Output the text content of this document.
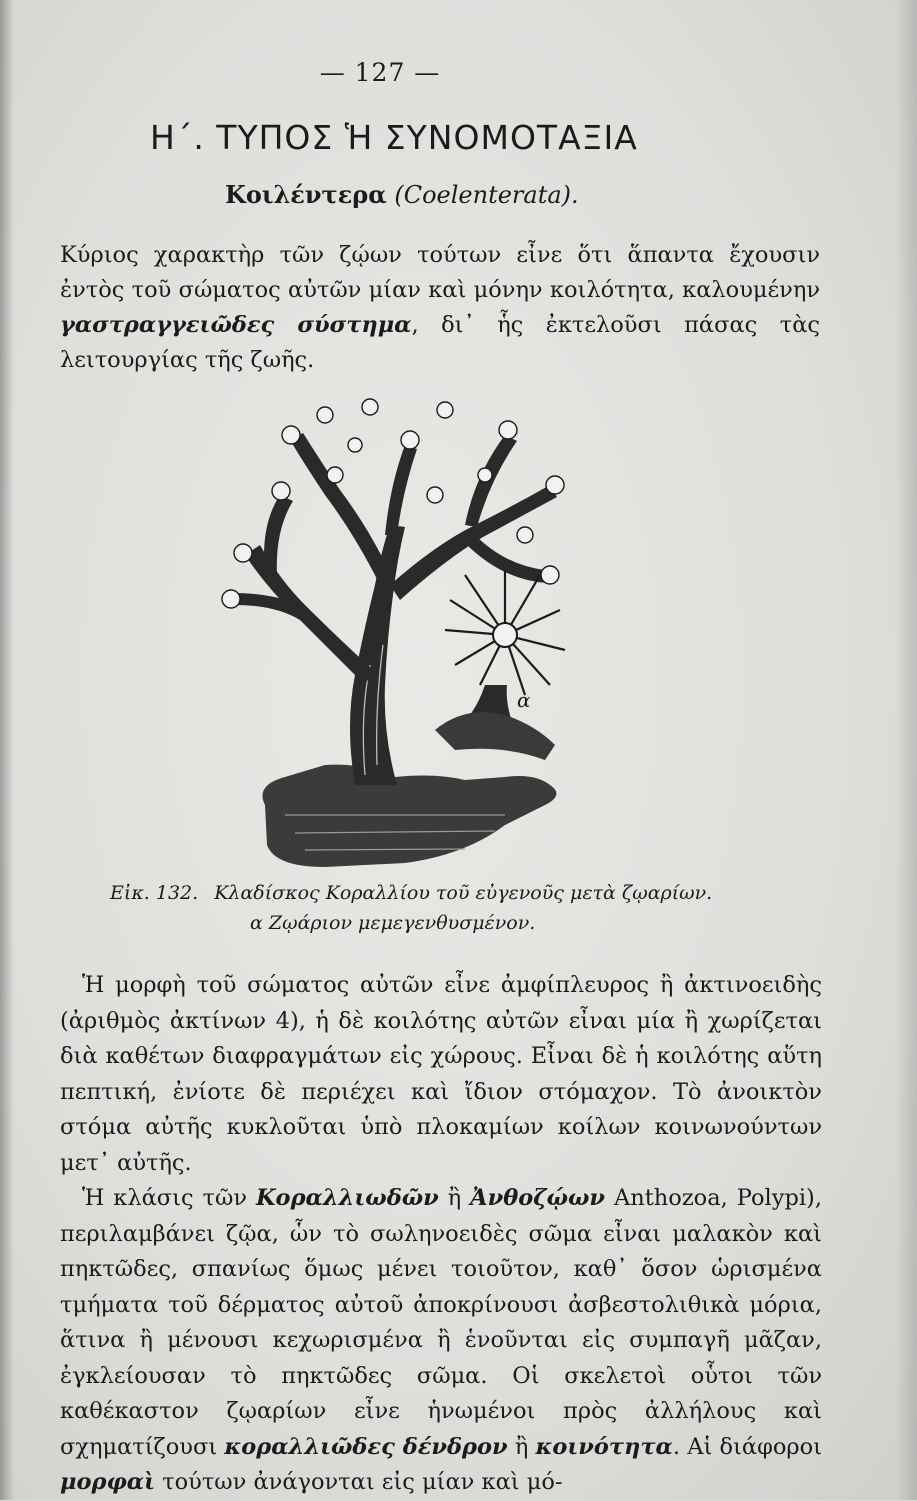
— 127 —
Η΄. ΤΥΠΟΣ Ἡ ΣΥΝΟΜΟΤΑΞΙΑ
Κοιλέντερα (Coelenterata).
Κύριος χαρακτὴρ τῶν ζῴων τούτων εἶνε ὅτι ἅπαντα ἔχουσιν ἐντὸς τοῦ σώματος αὐτῶν μίαν καὶ μόνην κοιλότητα, καλουμένην γαστραγγειῶδες σύστημα, δι᾽ ἧς ἐκτελοῦσι πάσας τὰς λειτουργίας τῆς ζωῆς.
α
Εἰκ. 132. Κλαδίσκος Κοραλλίου τοῦ εὐγενοῦς μετὰ ζῳαρίων.
α Ζῳάριον μεμεγενθυσμένον.

Ἡ μορφὴ τοῦ σώματος αὐτῶν εἶνε ἀμφίπλευρος ἢ ἀκτινοειδὴς (ἀριθμὸς ἀκτίνων 4), ἡ δὲ κοιλότης αὐτῶν εἶναι μία ἢ χωρίζεται διὰ καθέτων διαφραγμάτων εἰς χώρους. Εἶναι δὲ ἡ κοιλότης αὕτη πεπτική, ἐνίοτε δὲ περιέχει καὶ ἴδιον στόμαχον. Τὸ ἀνοικτὸν στόμα αὐτῆς κυκλοῦται ὑπὸ πλοκαμίων κοίλων κοινωνούντων μετ᾽ αὐτῆς.

Ἡ κλάσις τῶν Κοραλλιωδῶν ἢ Ἀνθοζῴων Anthozoa, Polypi), περιλαμβάνει ζῷα, ὧν τὸ σωληνοειδὲς σῶμα εἶναι μαλακὸν καὶ πηκτῶδες, σπανίως ὅμως μένει τοιοῦτον, καθ᾽ ὅσον ὡρισμένα τμήματα τοῦ δέρματος αὐτοῦ ἀποκρίνουσι ἀσβεστολιθικὰ μόρια, ἅτινα ἢ μένουσι κεχωρισμένα ἢ ἑνοῦνται εἰς συμπαγῆ μᾶζαν, ἐγκλείουσαν τὸ πηκτῶδες σῶμα. Οἱ σκελετοὶ οὗτοι τῶν καθέκαστον ζῳαρίων εἶνε ἡνωμένοι πρὸς ἀλλήλους καὶ σχηματίζουσι κοραλλιῶδες δένδρον ἢ κοινότητα. Αἱ διάφοροι μορφαὶ τούτων ἀνάγονται εἰς μίαν καὶ μό-
